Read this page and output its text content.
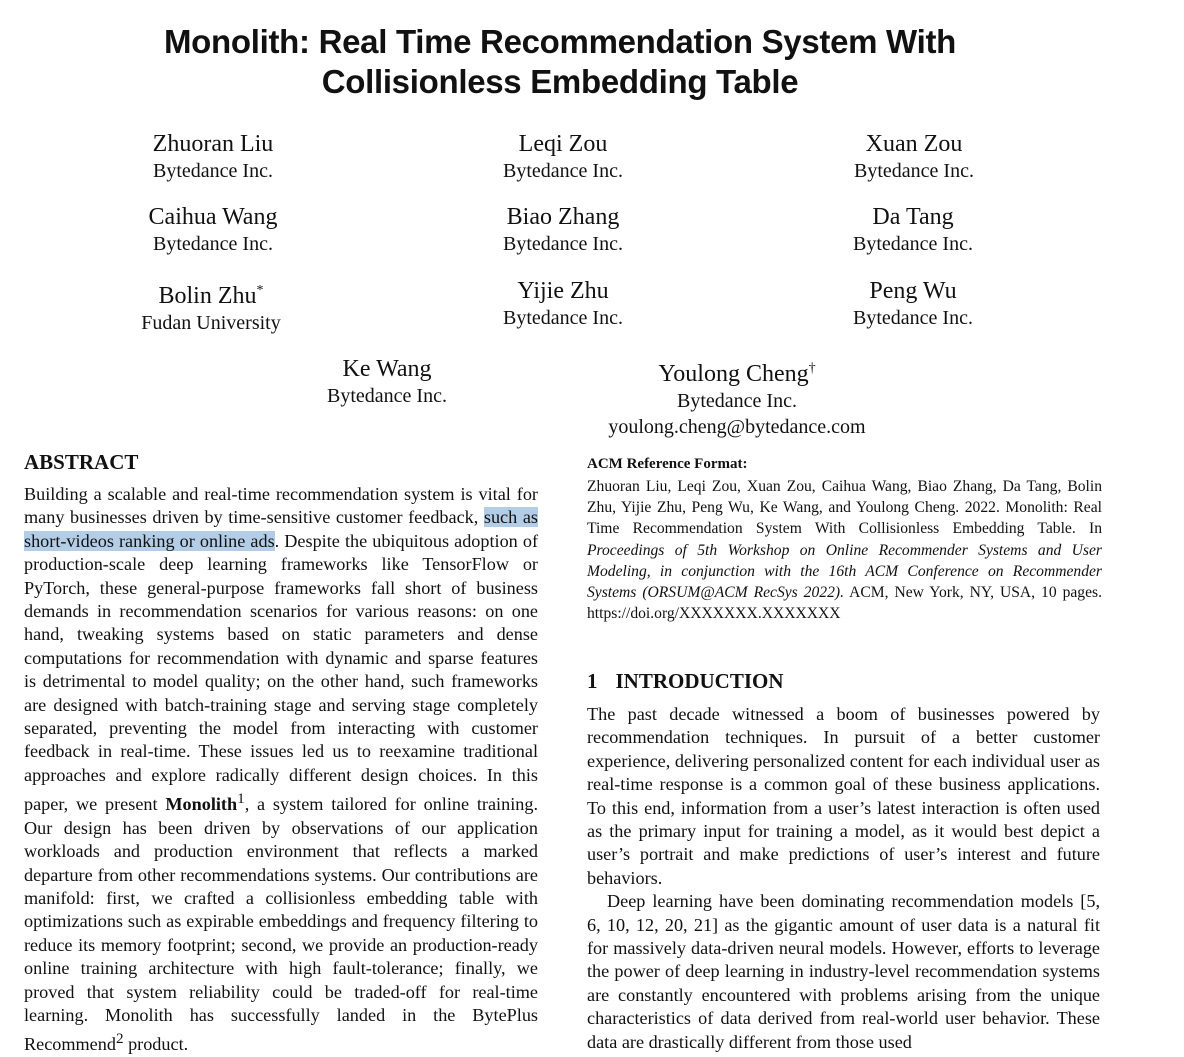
Monolith: Real Time Recommendation System With
Collisionless Embedding Table
Zhuoran Liu
Bytedance Inc.
Leqi Zou
Bytedance Inc.
Xuan Zou
Bytedance Inc.
Caihua Wang
Bytedance Inc.
Biao Zhang
Bytedance Inc.
Da Tang
Bytedance Inc.
Bolin Zhu*
Fudan University
Yijie Zhu
Bytedance Inc.
Peng Wu
Bytedance Inc.
Ke Wang
Bytedance Inc.
Youlong Cheng†
Bytedance Inc.
youlong.cheng@bytedance.com
ABSTRACT

Building a scalable and real-time recommendation system is vital for many businesses driven by time-sensitive customer feedback, such as short-videos ranking or online ads. Despite the ubiquitous adoption of production-scale deep learning frameworks like TensorFlow or PyTorch, these general-purpose frameworks fall short of business demands in recommendation scenarios for various reasons: on one hand, tweaking systems based on static parameters and dense computations for recommendation with dynamic and sparse features is detrimental to model quality; on the other hand, such frameworks are designed with batch-training stage and serving stage completely separated, preventing the model from interacting with customer feedback in real-time. These issues led us to reexamine traditional approaches and explore radically different design choices. In this paper, we present Monolith$^1$, a system tailored for online training. Our design has been driven by observations of our application workloads and production environment that reflects a marked departure from other recommendations systems. Our contributions are manifold: first, we crafted a collisionless embedding table with optimizations such as expirable embeddings and frequency filtering to reduce its memory footprint; second, we provide an production-ready online training architecture with high fault-tolerance; finally, we proved that system reliability could be traded-off for real-time learning. Monolith has successfully landed in the BytePlus Recommend$^2$ product.

ACM Reference Format:

Zhuoran Liu, Leqi Zou, Xuan Zou, Caihua Wang, Biao Zhang, Da Tang, Bolin Zhu, Yijie Zhu, Peng Wu, Ke Wang, and Youlong Cheng. 2022. Monolith: Real Time Recommendation System With Collisionless Embedding Table. In Proceedings of 5th Workshop on Online Recommender Systems and User Modeling, in conjunction with the 16th ACM Conference on Recommender Systems (ORSUM@ACM RecSys 2022). ACM, New York, NY, USA, 10 pages. https://doi.org/XXXXXXX.XXXXXXX

1 INTRODUCTION

The past decade witnessed a boom of businesses powered by recommendation techniques. In pursuit of a better customer experience, delivering personalized content for each individual user as real-time response is a common goal of these business applications. To this end, information from a user’s latest interaction is often used as the primary input for training a model, as it would best depict a user’s portrait and make predictions of user’s interest and future behaviors.

Deep learning have been dominating recommendation models [5, 6, 10, 12, 20, 21] as the gigantic amount of user data is a natural fit for massively data-driven neural models. However, efforts to leverage the power of deep learning in industry-level recommendation systems are constantly encountered with problems arising from the unique characteristics of data derived from real-world user behavior. These data are drastically different from those used
